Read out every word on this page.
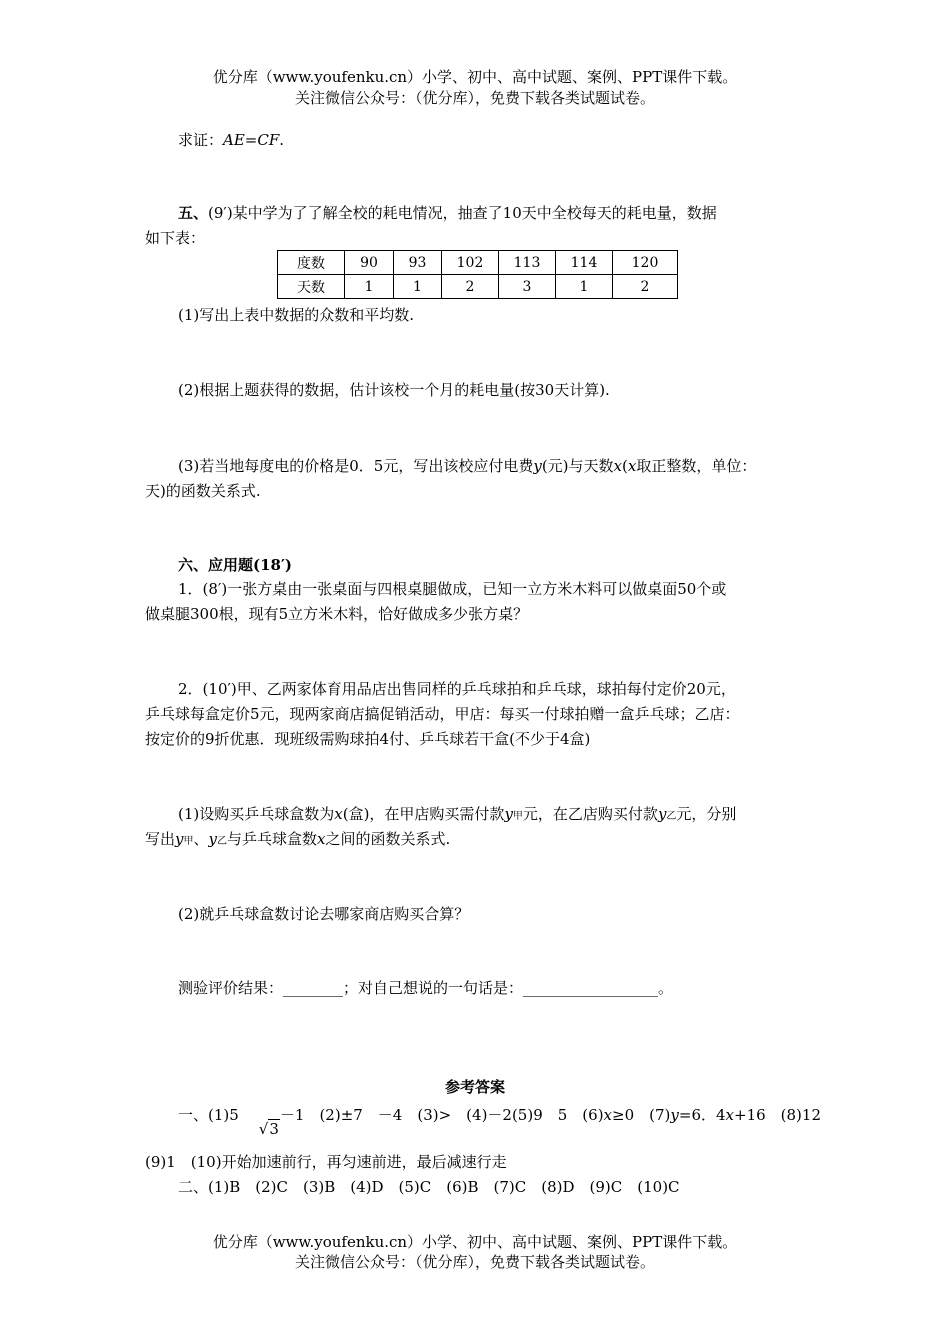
优分库（www.youfenku.cn）小学、初中、高中试题、案例、PPT课件下载。
关注微信公众号：（优分库），免费下载各类试题试卷。
求证：AE=CF.
五、(9′)某中学为了了解全校的耗电情况，抽查了10天中全校每天的耗电量，数据
如下表：
度数	90	93	102	113	114	120
天数	1	1	2	3	1	2
(1)写出上表中数据的众数和平均数.
(2)根据上题获得的数据，估计该校一个月的耗电量(按30天计算).
(3)若当地每度电的价格是0．5元，写出该校应付电费y(元)与天数x(x取正整数，单位：
天)的函数关系式.
六、应用题(18′)
1．(8′)一张方桌由一张桌面与四根桌腿做成，已知一立方米木料可以做桌面50个或
做桌腿300根，现有5立方米木料，恰好做成多少张方桌？
2．(10′)甲、乙两家体育用品店出售同样的乒乓球拍和乒乓球，球拍每付定价20元，
乒乓球每盒定价5元，现两家商店搞促销活动，甲店：每买一付球拍赠一盒乒乓球；乙店：
按定价的9折优惠．现班级需购球拍4付、乒乓球若干盒(不少于4盒)
(1)设购买乒乓球盒数为x(盒)，在甲店购买需付款y甲元，在乙店购买付款y乙元，分别
写出y甲、y乙与乒乓球盒数x之间的函数关系式.
(2)就乒乓球盒数讨论去哪家商店购买合算？
测验评价结果：________；对自己想说的一句话是：__________________。
参考答案
一、(1)5√3－1　(2)±7　－4　(3)>　(4)－2(5)9　5　(6)x≥0　(7)y=6．4x+16　(8)12
(9)1　(10)开始加速前行，再匀速前进，最后减速行走
二、(1)B　(2)C　(3)B　(4)D　(5)C　(6)B　(7)C　(8)D　(9)C　(10)C
优分库（www.youfenku.cn）小学、初中、高中试题、案例、PPT课件下载。
关注微信公众号：（优分库），免费下载各类试题试卷。
